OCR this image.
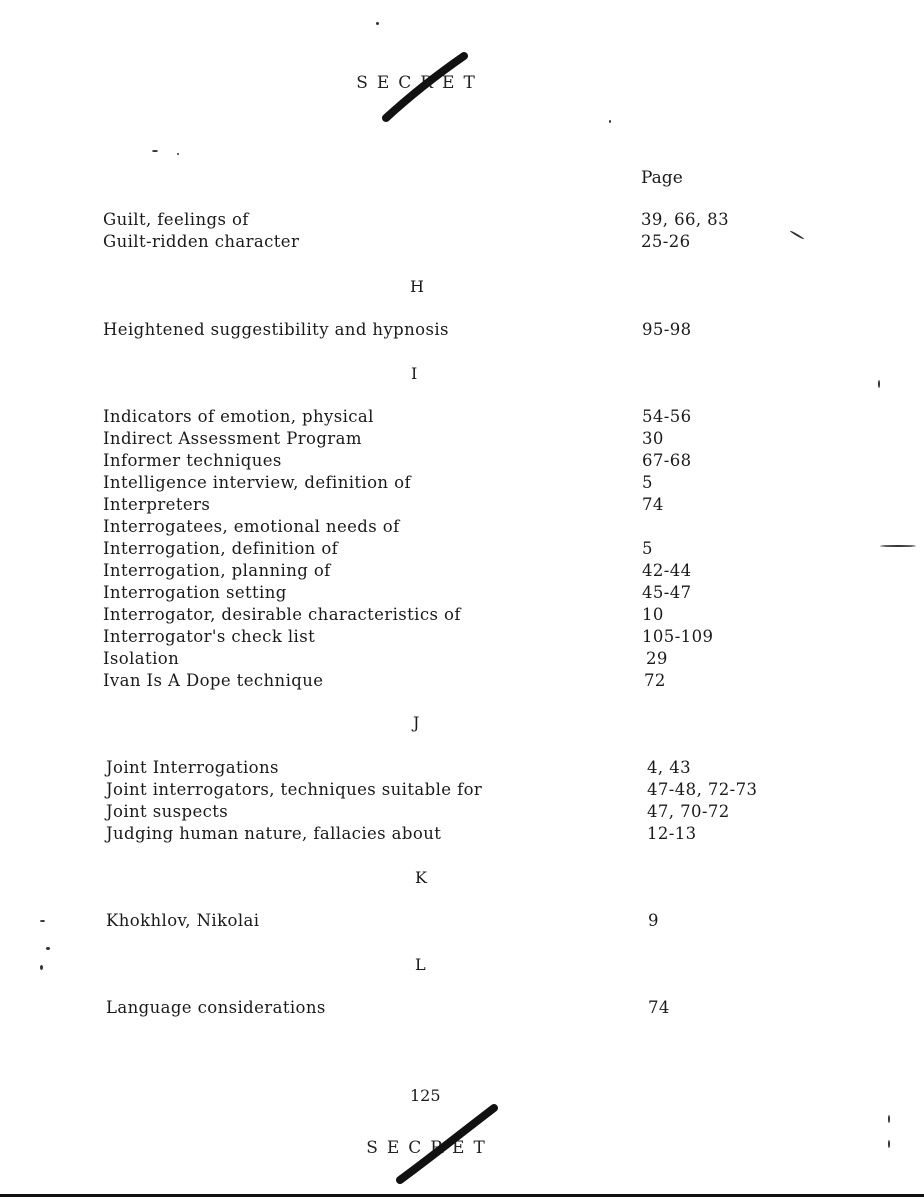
SECRET
Page
Guilt, feelings of	39, 66, 83
Guilt-ridden character	25-26
H
Heightened suggestibility and hypnosis	95-98
I
Indicators of emotion, physical	54-56
Indirect Assessment Program	30
Informer techniques	67-68
Intelligence interview, definition of	5
Interpreters	74
Interrogatees, emotional needs of
Interrogation, definition of	5
Interrogation, planning of	42-44
Interrogation setting	45-47
Interrogator, desirable characteristics of	10
Interrogator's check list	105-109
Isolation	29
Ivan Is A Dope technique	72
J
Joint Interrogations	4, 43
Joint interrogators, techniques suitable for	47-48, 72-73
Joint suspects	47, 70-72
Judging human nature, fallacies about	12-13
K
Khokhlov, Nikolai	9
L
Language considerations	74
125
SECRET
